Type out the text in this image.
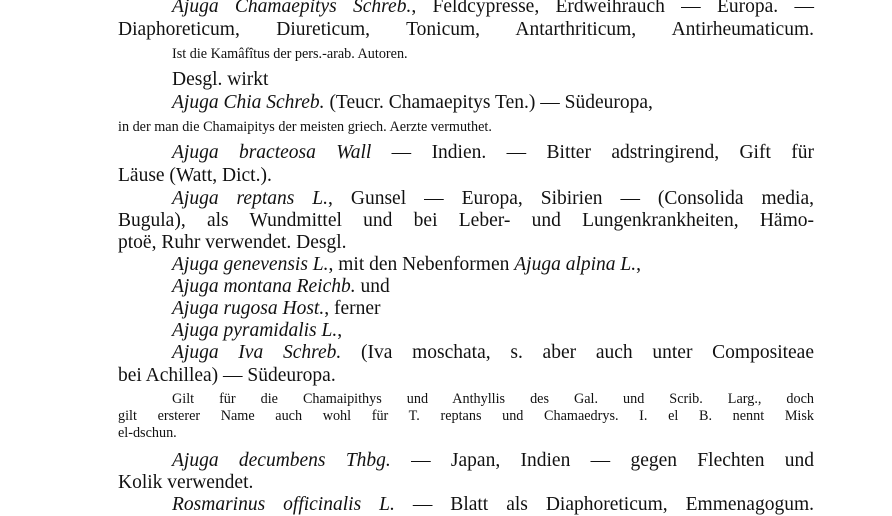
Ajuga Chamaepitys Schreb., Feldcypresse, Erdweihrauch — Europa. —
Diaphoreticum, Diureticum, Tonicum, Antarthriticum, Antirheumaticum.
Ist die Kamâfîtus der pers.-arab. Autoren.
Desgl. wirkt
Ajuga Chia Schreb. (Teucr. Chamaepitys Ten.) — Südeuropa,
in der man die Chamaipitys der meisten griech. Aerzte vermuthet.
Ajuga bracteosa Wall — Indien. — Bitter adstringirend, Gift für
Läuse (Watt, Dict.).
Ajuga reptans L., Gunsel — Europa, Sibirien — (Consolida media,
Bugula), als Wundmittel und bei Leber- und Lungenkrankheiten, Hämo-
ptoë, Ruhr verwendet. Desgl.
Ajuga genevensis L., mit den Nebenformen Ajuga alpina L.,
Ajuga montana Reichb. und
Ajuga rugosa Host., ferner
Ajuga pyramidalis L.,
Ajuga Iva Schreb. (Iva moschata, s. aber auch unter Compositeae
bei Achillea) — Südeuropa.
Gilt für die Chamaipithys und Anthyllis des Gal. und Scrib. Larg., doch
gilt ersterer Name auch wohl für T. reptans und Chamaedrys. I. el B. nennt Misk
el-dschun.
Ajuga decumbens Thbg. — Japan, Indien — gegen Flechten und
Kolik verwendet.
Rosmarinus officinalis L. — Blatt als Diaphoreticum, Emmenagogum.
